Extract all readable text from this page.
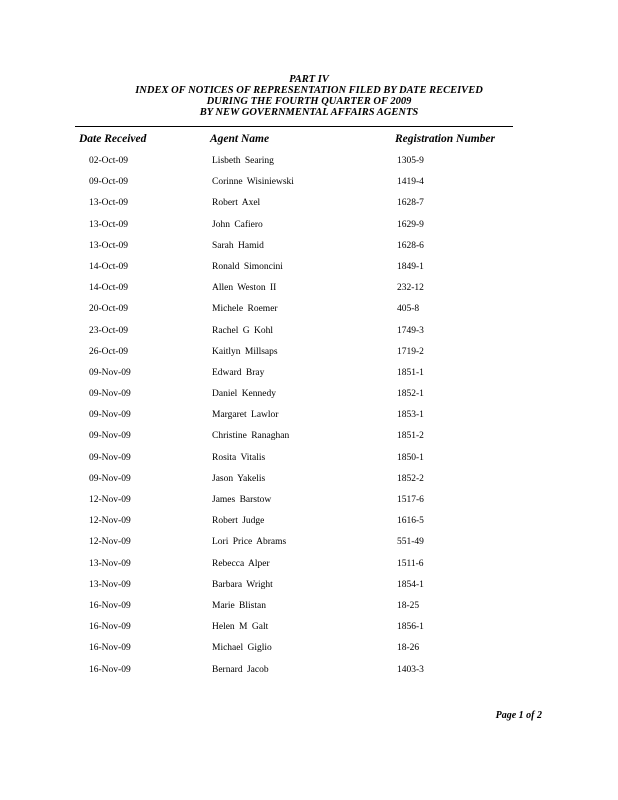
PART IV
INDEX OF NOTICES OF REPRESENTATION FILED BY DATE RECEIVED
DURING THE FOURTH QUARTER OF 2009
BY NEW GOVERNMENTAL AFFAIRS AGENTS
Date Received	Agent Name	Registration Number
02-Oct-09	Lisbeth Searing	1305-9
09-Oct-09	Corinne Wisiniewski	1419-4
13-Oct-09	Robert Axel	1628-7
13-Oct-09	John Cafiero	1629-9
13-Oct-09	Sarah Hamid	1628-6
14-Oct-09	Ronald Simoncini	1849-1
14-Oct-09	Allen Weston II	232-12
20-Oct-09	Michele Roemer	405-8
23-Oct-09	Rachel G Kohl	1749-3
26-Oct-09	Kaitlyn Millsaps	1719-2
09-Nov-09	Edward Bray	1851-1
09-Nov-09	Daniel Kennedy	1852-1
09-Nov-09	Margaret Lawlor	1853-1
09-Nov-09	Christine Ranaghan	1851-2
09-Nov-09	Rosita Vitalis	1850-1
09-Nov-09	Jason Yakelis	1852-2
12-Nov-09	James Barstow	1517-6
12-Nov-09	Robert Judge	1616-5
12-Nov-09	Lori Price Abrams	551-49
13-Nov-09	Rebecca Alper	1511-6
13-Nov-09	Barbara Wright	1854-1
16-Nov-09	Marie Blistan	18-25
16-Nov-09	Helen M Galt	1856-1
16-Nov-09	Michael Giglio	18-26
16-Nov-09	Bernard Jacob	1403-3
Page 1 of 2
